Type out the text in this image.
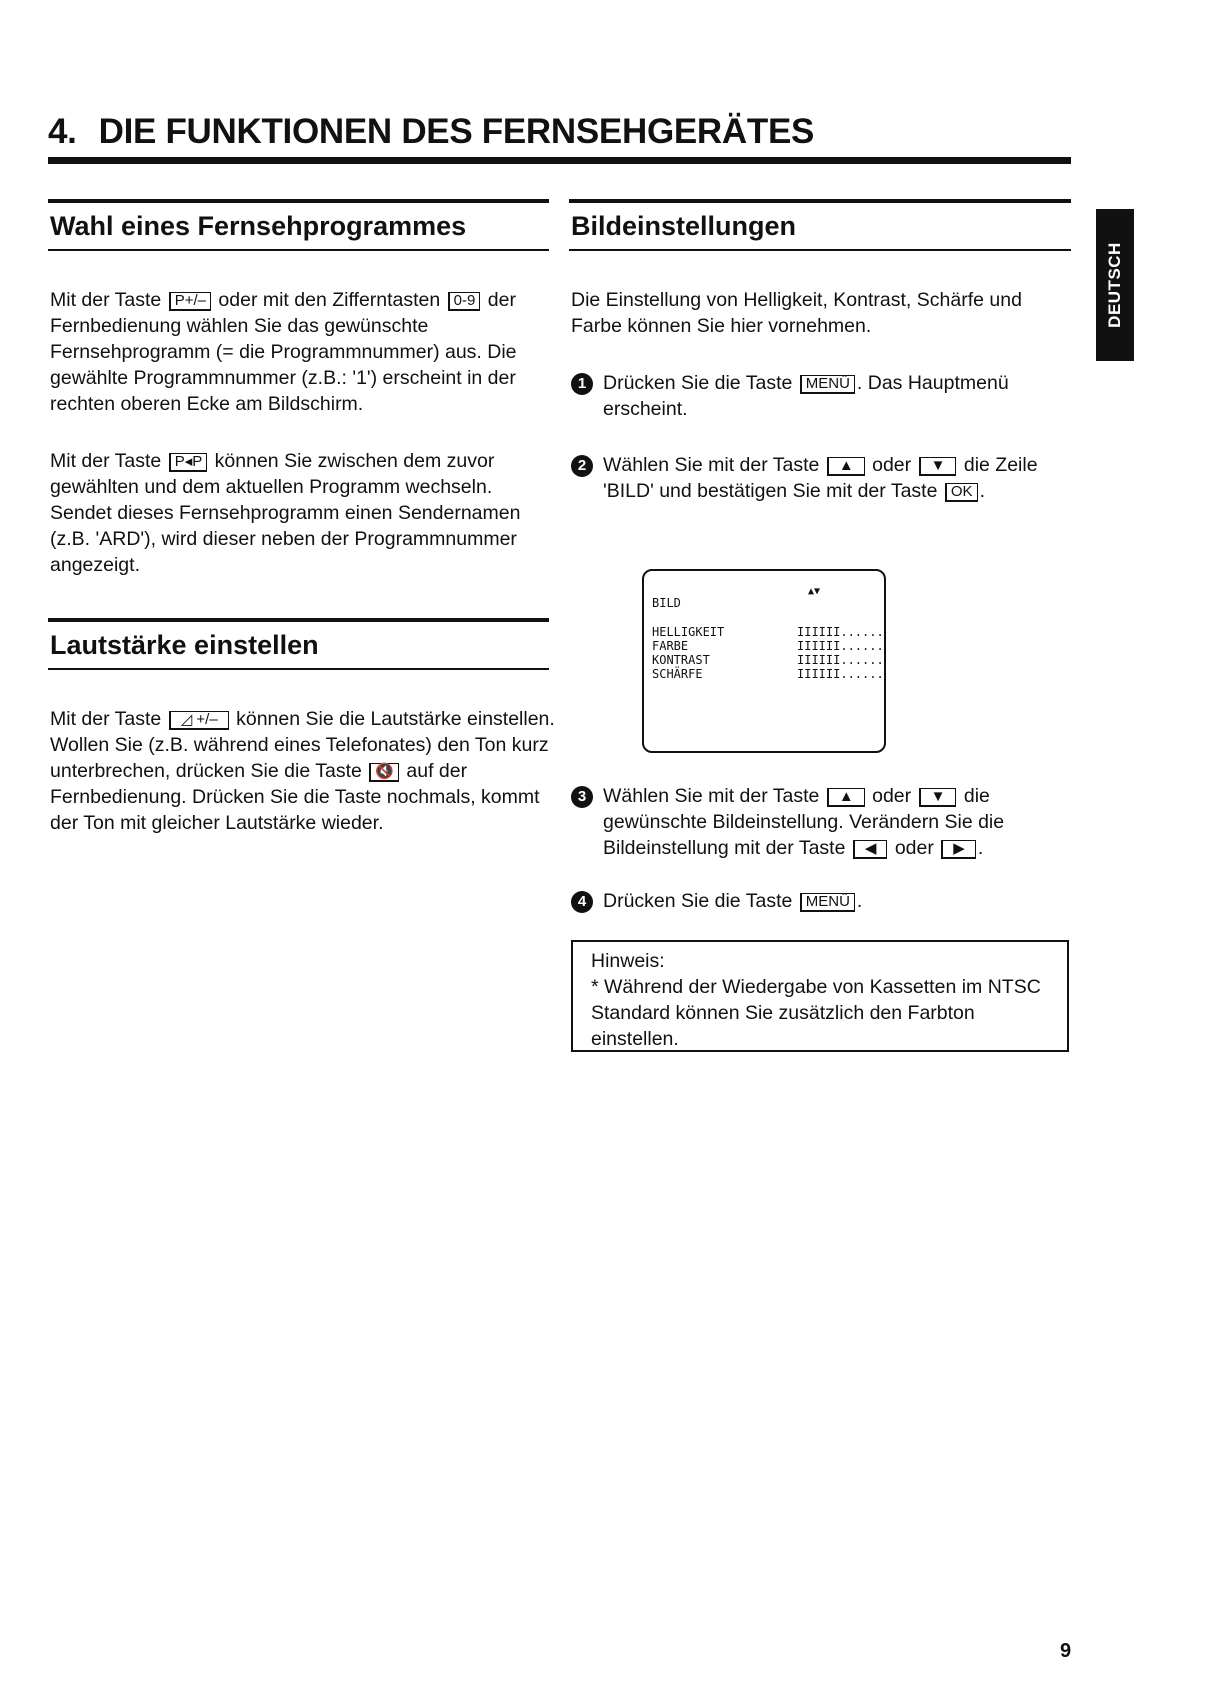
4. DIE FUNKTIONEN DES FERNSEHGERÄTES
DEUTSCH
Wahl eines Fernsehprogrammes

Mit der Taste P+/– oder mit den Zifferntasten 0-9 der Fernbedienung wählen Sie das gewünschte Fernsehprogramm (= die Programmnummer) aus. Die gewählte Programmnummer (z.B.: '1') erscheint in der rechten oberen Ecke am Bildschirm.

Mit der Taste P◂P können Sie zwischen dem zuvor gewählten und dem aktuellen Programm wechseln. Sendet dieses Fernsehprogramm einen Sendernamen (z.B. 'ARD'), wird dieser neben der Programmnummer angezeigt.

Lautstärke einstellen

Mit der Taste ◿ +/– können Sie die Lautstärke einstellen.
Wollen Sie (z.B. während eines Telefonates) den Ton kurz unterbrechen, drücken Sie die Taste 🔇 auf der Fernbedienung. Drücken Sie die Taste nochmals, kommt der Ton mit gleicher Lautstärke wieder.

Bildeinstellungen

Die Einstellung von Helligkeit, Kontrast, Schärfe und Farbe können Sie hier vornehmen.

1 Drücken Sie die Taste MENÜ . Das Hauptmenü erscheint.
2 Wählen Sie mit der Taste ▲ oder ▼ die Zeile 'BILD' und bestätigen Sie mit der Taste OK .
▲▼
BILD
HELLIGKEIT	IIIIII......
FARBE	IIIIII......
KONTRAST	IIIIII......
SCHÄRFE	IIIIII......
3 Wählen Sie mit der Taste ▲ oder ▼ die gewünschte Bildeinstellung. Verändern Sie die Bildeinstellung mit der Taste ◀ oder ▶ .
4 Drücken Sie die Taste MENÜ .
Hinweis:
* Während der Wiedergabe von Kassetten im NTSC Standard können Sie zusätzlich den Farbton einstellen.
9
